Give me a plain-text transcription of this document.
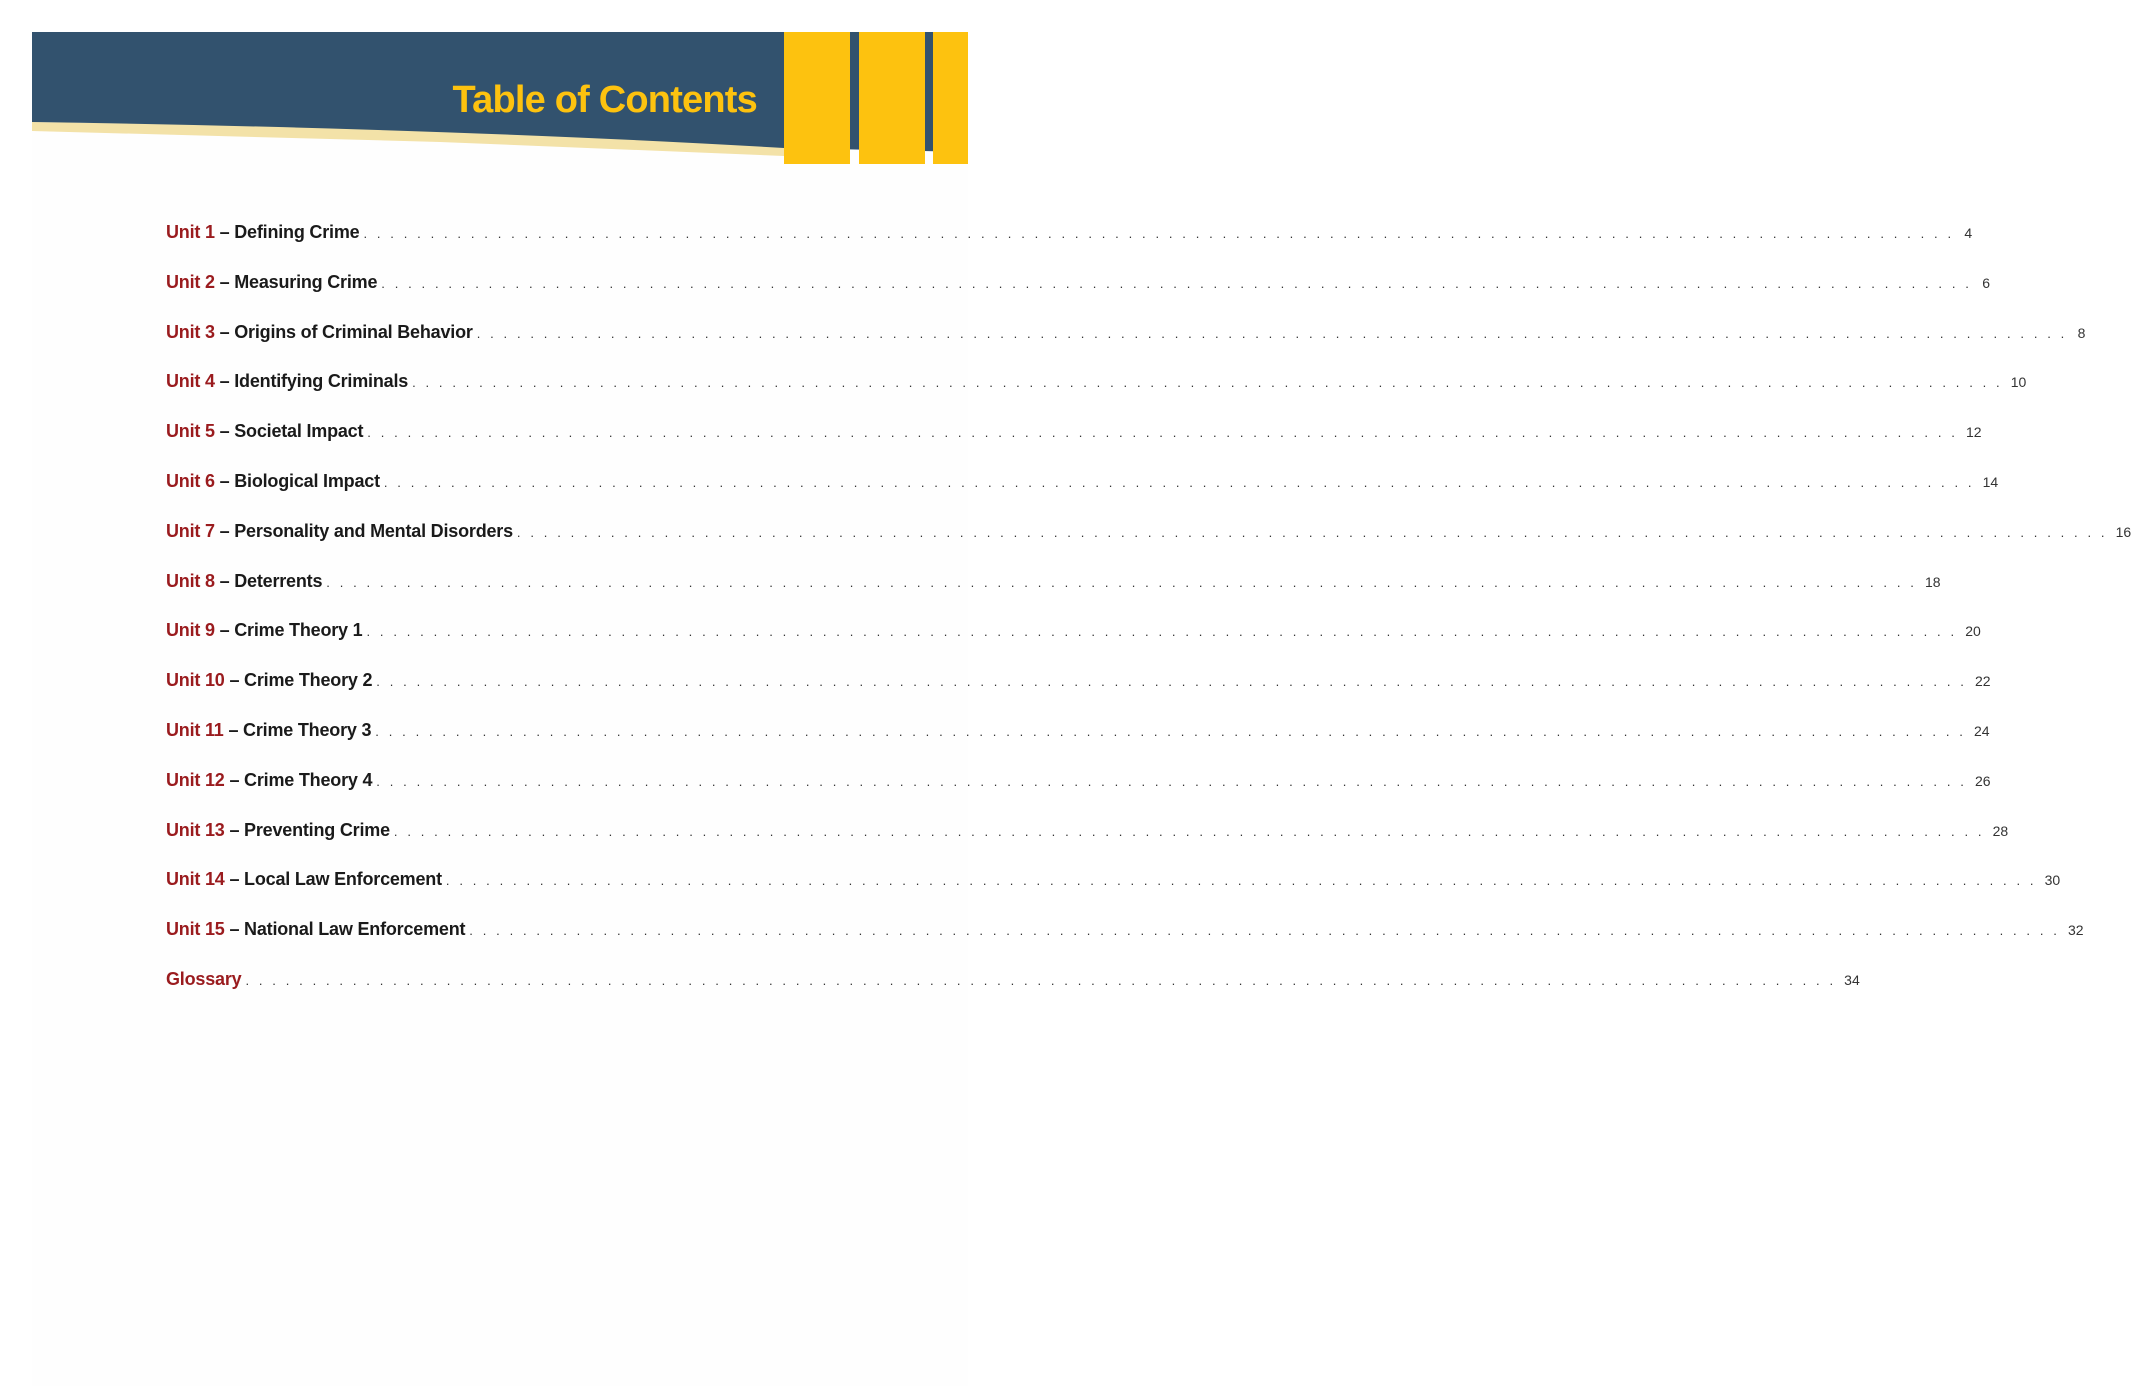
Table of Contents
Unit 1 – Defining Crime . . . . . . . . . . . . . . . . . . . . . . . . . . . . . . . . . . . . . . . . . . . . . . . . . . . . . . . . . . . . . . . . . . . . . . . . . . . . . . . . . . . . . . . . . . . . . . . . . . . . . . . . . . . . . . . . . . . . . . . 4
Unit 2 – Measuring Crime . . . . . . . . . . . . . . . . . . . . . . . . . . . . . . . . . . . . . . . . . . . . . . . . . . . . . . . . . . . . . . . . . . . . . . . . . . . . . . . . . . . . . . . . . . . . . . . . . . . . . . . . . . . . . . . . . . . . . . . 6
Unit 3 – Origins of Criminal Behavior . . . . . . . . . . . . . . . . . . . . . . . . . . . . . . . . . . . . . . . . . . . . . . . . . . . . . . . . . . . . . . . . . . . . . . . . . . . . . . . . . . . . . . . . . . . . . . . . . . . . . . . . . . . . . . . . . . . . . . . 8
Unit 4 – Identifying Criminals . . . . . . . . . . . . . . . . . . . . . . . . . . . . . . . . . . . . . . . . . . . . . . . . . . . . . . . . . . . . . . . . . . . . . . . . . . . . . . . . . . . . . . . . . . . . . . . . . . . . . . . . . . . . . . . . . . . . . . . 10
Unit 5 – Societal Impact . . . . . . . . . . . . . . . . . . . . . . . . . . . . . . . . . . . . . . . . . . . . . . . . . . . . . . . . . . . . . . . . . . . . . . . . . . . . . . . . . . . . . . . . . . . . . . . . . . . . . . . . . . . . . . . . . . . . . . . 12
Unit 6 – Biological Impact . . . . . . . . . . . . . . . . . . . . . . . . . . . . . . . . . . . . . . . . . . . . . . . . . . . . . . . . . . . . . . . . . . . . . . . . . . . . . . . . . . . . . . . . . . . . . . . . . . . . . . . . . . . . . . . . . . . . . . . 14
Unit 7 – Personality and Mental Disorders . . . . . . . . . . . . . . . . . . . . . . . . . . . . . . . . . . . . . . . . . . . . . . . . . . . . . . . . . . . . . . . . . . . . . . . . . . . . . . . . . . . . . . . . . . . . . . . . . . . . . . . . . . . . . . . . . . . . . . . 16
Unit 8 – Deterrents . . . . . . . . . . . . . . . . . . . . . . . . . . . . . . . . . . . . . . . . . . . . . . . . . . . . . . . . . . . . . . . . . . . . . . . . . . . . . . . . . . . . . . . . . . . . . . . . . . . . . . . . . . . . . . . . . . . . . . . 18
Unit 9 – Crime Theory 1 . . . . . . . . . . . . . . . . . . . . . . . . . . . . . . . . . . . . . . . . . . . . . . . . . . . . . . . . . . . . . . . . . . . . . . . . . . . . . . . . . . . . . . . . . . . . . . . . . . . . . . . . . . . . . . . . . . . . . . . 20
Unit 10 – Crime Theory 2 . . . . . . . . . . . . . . . . . . . . . . . . . . . . . . . . . . . . . . . . . . . . . . . . . . . . . . . . . . . . . . . . . . . . . . . . . . . . . . . . . . . . . . . . . . . . . . . . . . . . . . . . . . . . . . . . . . . . . . . 22
Unit 11 – Crime Theory 3 . . . . . . . . . . . . . . . . . . . . . . . . . . . . . . . . . . . . . . . . . . . . . . . . . . . . . . . . . . . . . . . . . . . . . . . . . . . . . . . . . . . . . . . . . . . . . . . . . . . . . . . . . . . . . . . . . . . . . . . 24
Unit 12 – Crime Theory 4 . . . . . . . . . . . . . . . . . . . . . . . . . . . . . . . . . . . . . . . . . . . . . . . . . . . . . . . . . . . . . . . . . . . . . . . . . . . . . . . . . . . . . . . . . . . . . . . . . . . . . . . . . . . . . . . . . . . . . . . 26
Unit 13 – Preventing Crime . . . . . . . . . . . . . . . . . . . . . . . . . . . . . . . . . . . . . . . . . . . . . . . . . . . . . . . . . . . . . . . . . . . . . . . . . . . . . . . . . . . . . . . . . . . . . . . . . . . . . . . . . . . . . . . . . . . . . . . 28
Unit 14 – Local Law Enforcement . . . . . . . . . . . . . . . . . . . . . . . . . . . . . . . . . . . . . . . . . . . . . . . . . . . . . . . . . . . . . . . . . . . . . . . . . . . . . . . . . . . . . . . . . . . . . . . . . . . . . . . . . . . . . . . . . . . . . . . 30
Unit 15 – National Law Enforcement . . . . . . . . . . . . . . . . . . . . . . . . . . . . . . . . . . . . . . . . . . . . . . . . . . . . . . . . . . . . . . . . . . . . . . . . . . . . . . . . . . . . . . . . . . . . . . . . . . . . . . . . . . . . . . . . . . . . . . . 32
Glossary . . . . . . . . . . . . . . . . . . . . . . . . . . . . . . . . . . . . . . . . . . . . . . . . . . . . . . . . . . . . . . . . . . . . . . . . . . . . . . . . . . . . . . . . . . . . . . . . . . . . . . . . . . . . . . . . . . . . . . . 34
